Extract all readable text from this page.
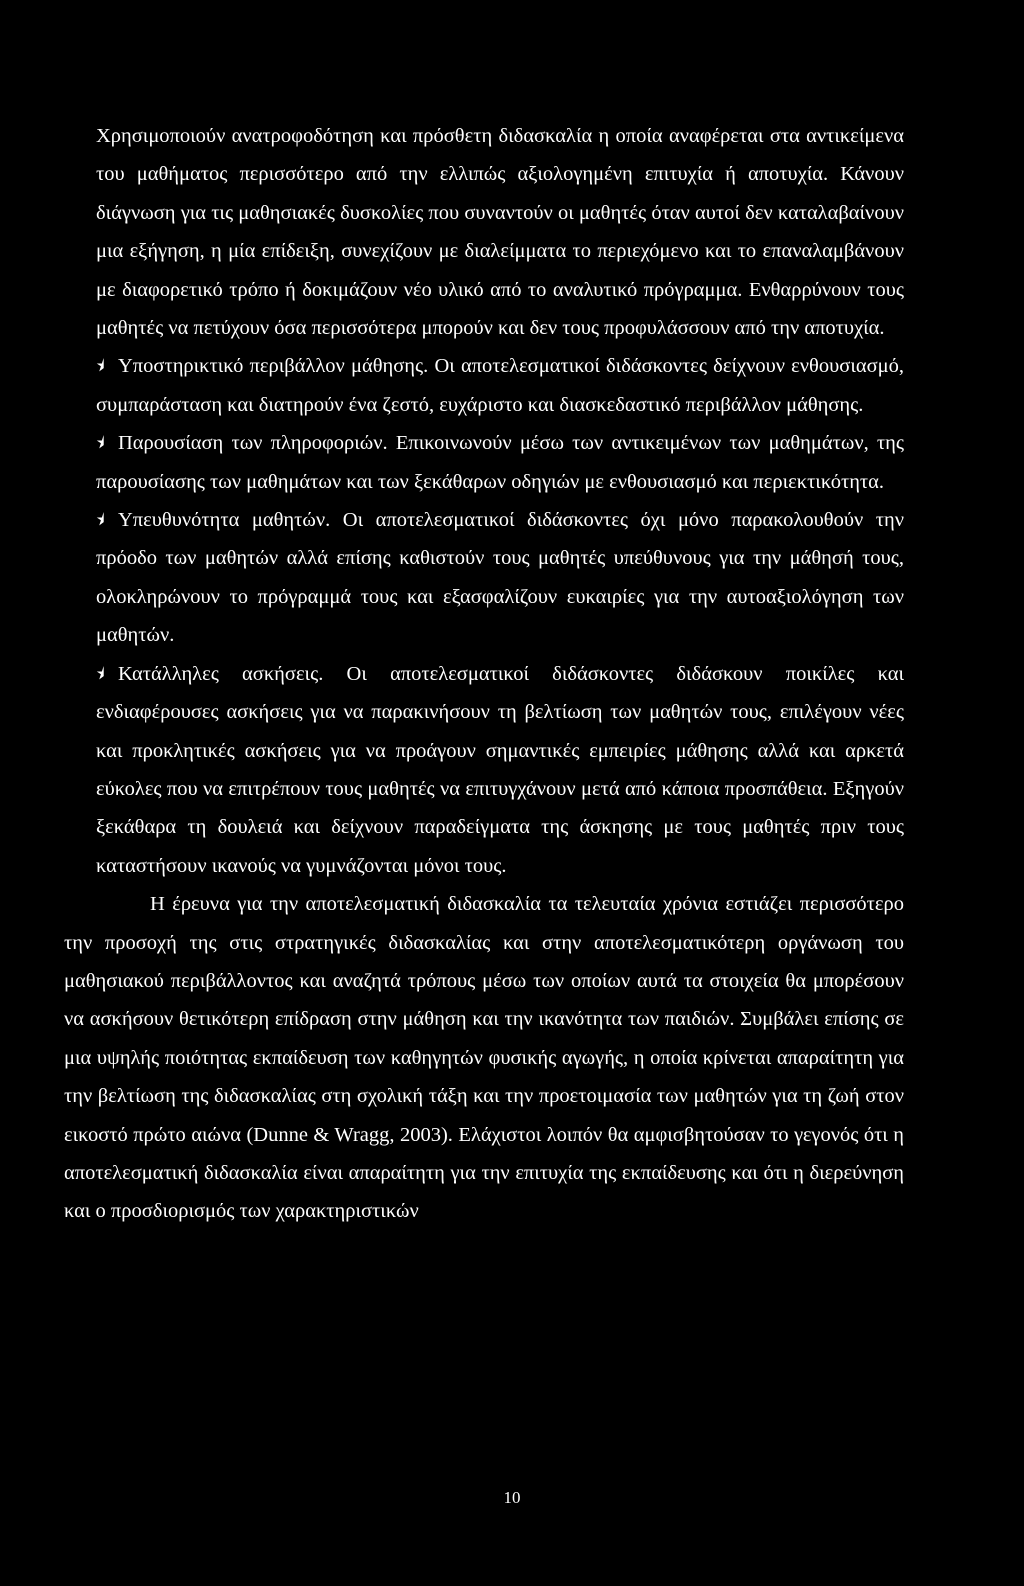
Χρησιμοποιούν ανατροφοδότηση και πρόσθετη διδασκαλία η οποία αναφέρεται στα αντικείμενα του μαθήματος περισσότερο από την ελλιπώς αξιολογημένη επιτυχία ή αποτυχία. Κάνουν διάγνωση για τις μαθησιακές δυσκολίες που συναντούν οι μαθητές όταν αυτοί δεν καταλαβαίνουν μια εξήγηση, η μία επίδειξη, συνεχίζουν με διαλείμματα το περιεχόμενο και το επαναλαμβάνουν με διαφορετικό τρόπο ή δοκιμάζουν νέο υλικό από το αναλυτικό πρόγραμμα. Ενθαρρύνουν τους μαθητές να πετύχουν όσα περισσότερα μπορούν και δεν τους προφυλάσσουν από την αποτυχία.

⯨ Υποστηρικτικό περιβάλλον μάθησης. Οι αποτελεσματικοί διδάσκοντες δείχνουν ενθουσιασμό, συμπαράσταση και διατηρούν ένα ζεστό, ευχάριστο και διασκεδαστικό περιβάλλον μάθησης.

⯨ Παρουσίαση των πληροφοριών. Επικοινωνούν μέσω των αντικειμένων των μαθημάτων, της παρουσίασης των μαθημάτων και των ξεκάθαρων οδηγιών με ενθουσιασμό και περιεκτικότητα.

⯨ Υπευθυνότητα μαθητών. Οι αποτελεσματικοί διδάσκοντες όχι μόνο παρακολουθούν την πρόοδο των μαθητών αλλά επίσης καθιστούν τους μαθητές υπεύθυνους για την μάθησή τους, ολοκληρώνουν το πρόγραμμά τους και εξασφαλίζουν ευκαιρίες για την αυτοαξιολόγηση των μαθητών.

⯨ Κατάλληλες ασκήσεις. Οι αποτελεσματικοί διδάσκοντες διδάσκουν ποικίλες και ενδιαφέρουσες ασκήσεις για να παρακινήσουν τη βελτίωση των μαθητών τους, επιλέγουν νέες και προκλητικές ασκήσεις για να προάγουν σημαντικές εμπειρίες μάθησης αλλά και αρκετά εύκολες που να επιτρέπουν τους μαθητές να επιτυγχάνουν μετά από κάποια προσπάθεια. Εξηγούν ξεκάθαρα τη δουλειά και δείχνουν παραδείγματα της άσκησης με τους μαθητές πριν τους καταστήσουν ικανούς να γυμνάζονται μόνοι τους.

Η έρευνα για την αποτελεσματική διδασκαλία τα τελευταία χρόνια εστιάζει περισσότερο την προσοχή της στις στρατηγικές διδασκαλίας και στην αποτελεσματικότερη οργάνωση του μαθησιακού περιβάλλοντος και αναζητά τρόπους μέσω των οποίων αυτά τα στοιχεία θα μπορέσουν να ασκήσουν θετικότερη επίδραση στην μάθηση και την ικανότητα των παιδιών. Συμβάλει επίσης σε μια υψηλής ποιότητας εκπαίδευση των καθηγητών φυσικής αγωγής, η οποία κρίνεται απαραίτητη για την βελτίωση της διδασκαλίας στη σχολική τάξη και την προετοιμασία των μαθητών για τη ζωή στον εικοστό πρώτο αιώνα (Dunne & Wragg, 2003). Ελάχιστοι λοιπόν θα αμφισβητούσαν το γεγονός ότι η αποτελεσματική διδασκαλία είναι απαραίτητη για την επιτυχία της εκπαίδευσης και ότι η διερεύνηση και ο προσδιορισμός των χαρακτηριστικών

10
